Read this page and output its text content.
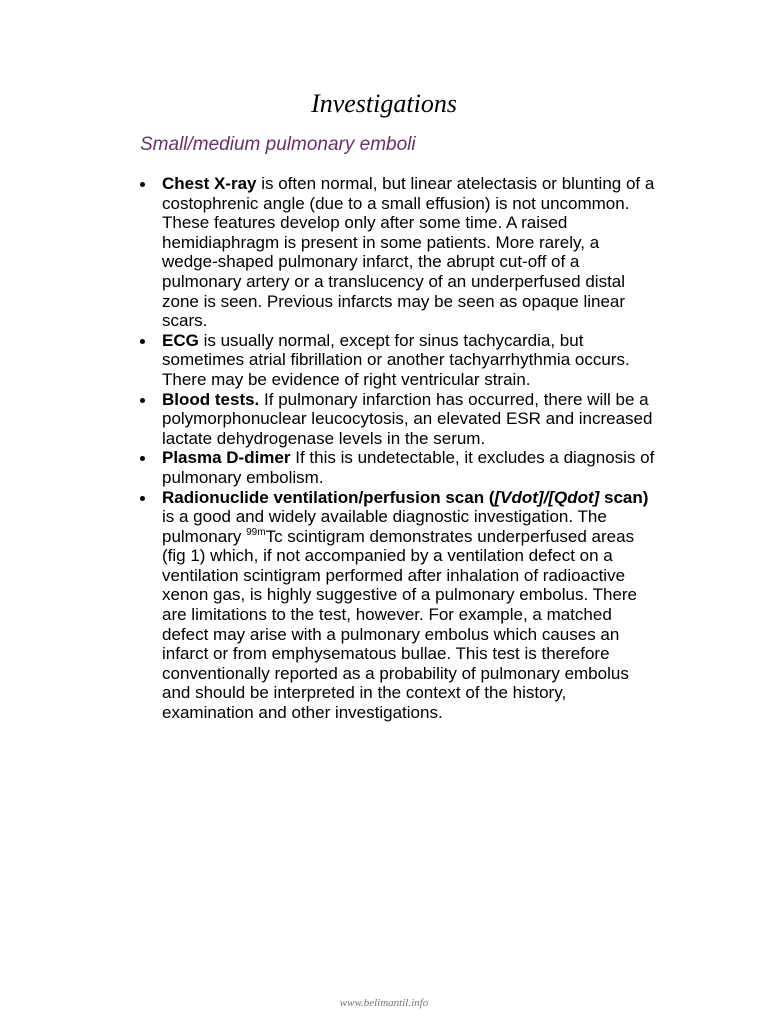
Investigations
Small/medium pulmonary emboli
Chest X-ray is often normal, but linear atelectasis or blunting of a costophrenic angle (due to a small effusion) is not uncommon. These features develop only after some time. A raised hemidiaphragm is present in some patients. More rarely, a wedge-shaped pulmonary infarct, the abrupt cut-off of a pulmonary artery or a translucency of an underperfused distal zone is seen. Previous infarcts may be seen as opaque linear scars.
ECG is usually normal, except for sinus tachycardia, but sometimes atrial fibrillation or another tachyarrhythmia occurs. There may be evidence of right ventricular strain.
Blood tests. If pulmonary infarction has occurred, there will be a polymorphonuclear leucocytosis, an elevated ESR and increased lactate dehydrogenase levels in the serum.
Plasma D-dimer If this is undetectable, it excludes a diagnosis of pulmonary embolism.
Radionuclide ventilation/perfusion scan ([Vdot]/[Qdot] scan) is a good and widely available diagnostic investigation. The pulmonary $^{99m}$Tc scintigram demonstrates underperfused areas (fig 1) which, if not accompanied by a ventilation defect on a ventilation scintigram performed after inhalation of radioactive xenon gas, is highly suggestive of a pulmonary embolus. There are limitations to the test, however. For example, a matched defect may arise with a pulmonary embolus which causes an infarct or from emphysematous bullae. This test is therefore conventionally reported as a probability of pulmonary embolus and should be interpreted in the context of the history, examination and other investigations.
www.belimantil.info
